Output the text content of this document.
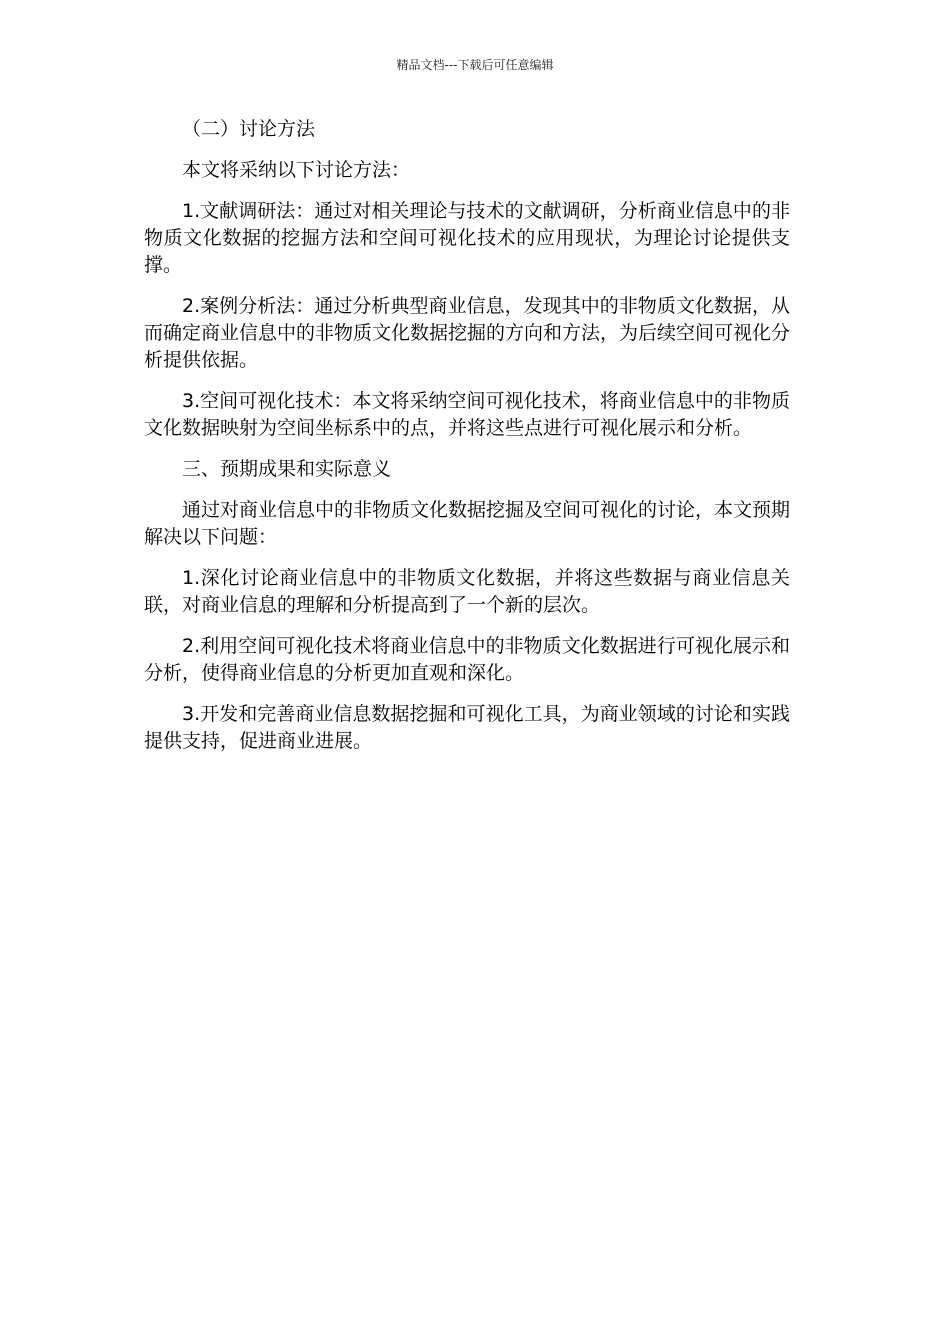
精品文档---下载后可任意编辑

（二）讨论方法

本文将采纳以下讨论方法：

1.文献调研法：通过对相关理论与技术的文献调研，分析商业信息中的非物质文化数据的挖掘方法和空间可视化技术的应用现状，为理论讨论提供支撑。

2.案例分析法：通过分析典型商业信息，发现其中的非物质文化数据，从而确定商业信息中的非物质文化数据挖掘的方向和方法，为后续空间可视化分析提供依据。

3.空间可视化技术：本文将采纳空间可视化技术，将商业信息中的非物质文化数据映射为空间坐标系中的点，并将这些点进行可视化展示和分析。

三、预期成果和实际意义

通过对商业信息中的非物质文化数据挖掘及空间可视化的讨论，本文预期解决以下问题：

1.深化讨论商业信息中的非物质文化数据，并将这些数据与商业信息关联，对商业信息的理解和分析提高到了一个新的层次。

2.利用空间可视化技术将商业信息中的非物质文化数据进行可视化展示和分析，使得商业信息的分析更加直观和深化。

3.开发和完善商业信息数据挖掘和可视化工具，为商业领域的讨论和实践提供支持，促进商业进展。
